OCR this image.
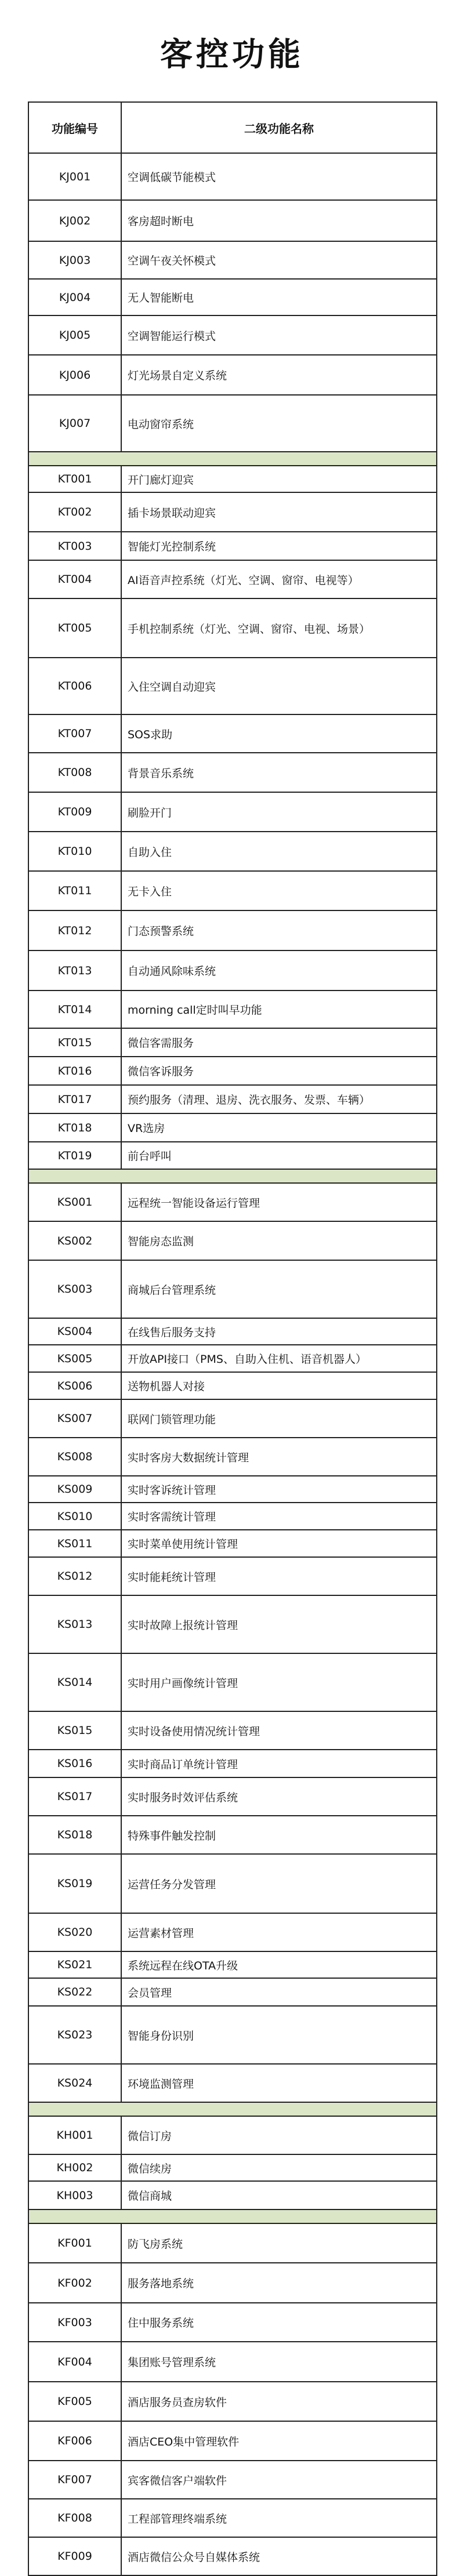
客控功能
功能编号	二级功能名称
KJ001	空调低碳节能模式
KJ002	客房超时断电
KJ003	空调午夜关怀模式
KJ004	无人智能断电
KJ005	空调智能运行模式
KJ006	灯光场景自定义系统
KJ007	电动窗帘系统

KT001	开门廊灯迎宾
KT002	插卡场景联动迎宾
KT003	智能灯光控制系统
KT004	AI语音声控系统（灯光、空调、窗帘、电视等）
KT005	手机控制系统（灯光、空调、窗帘、电视、场景）
KT006	入住空调自动迎宾
KT007	SOS求助
KT008	背景音乐系统
KT009	刷脸开门
KT010	自助入住
KT011	无卡入住
KT012	门态预警系统
KT013	自动通风除味系统
KT014	morning call定时叫早功能
KT015	微信客需服务
KT016	微信客诉服务
KT017	预约服务（清理、退房、洗衣服务、发票、车辆）
KT018	VR选房
KT019	前台呼叫

KS001	远程统一智能设备运行管理
KS002	智能房态监测
KS003	商城后台管理系统
KS004	在线售后服务支持
KS005	开放API接口（PMS、自助入住机、语音机器人）
KS006	送物机器人对接
KS007	联网门锁管理功能
KS008	实时客房大数据统计管理
KS009	实时客诉统计管理
KS010	实时客需统计管理
KS011	实时菜单使用统计管理
KS012	实时能耗统计管理
KS013	实时故障上报统计管理
KS014	实时用户画像统计管理
KS015	实时设备使用情况统计管理
KS016	实时商品订单统计管理
KS017	实时服务时效评估系统
KS018	特殊事件触发控制
KS019	运营任务分发管理
KS020	运营素材管理
KS021	系统远程在线OTA升级
KS022	会员管理
KS023	智能身份识别
KS024	环境监测管理

KH001	微信订房
KH002	微信续房
KH003	微信商城

KF001	防飞房系统
KF002	服务落地系统
KF003	住中服务系统
KF004	集团账号管理系统
KF005	酒店服务员查房软件
KF006	酒店CEO集中管理软件
KF007	宾客微信客户端软件
KF008	工程部管理终端系统
KF009	酒店微信公众号自媒体系统
